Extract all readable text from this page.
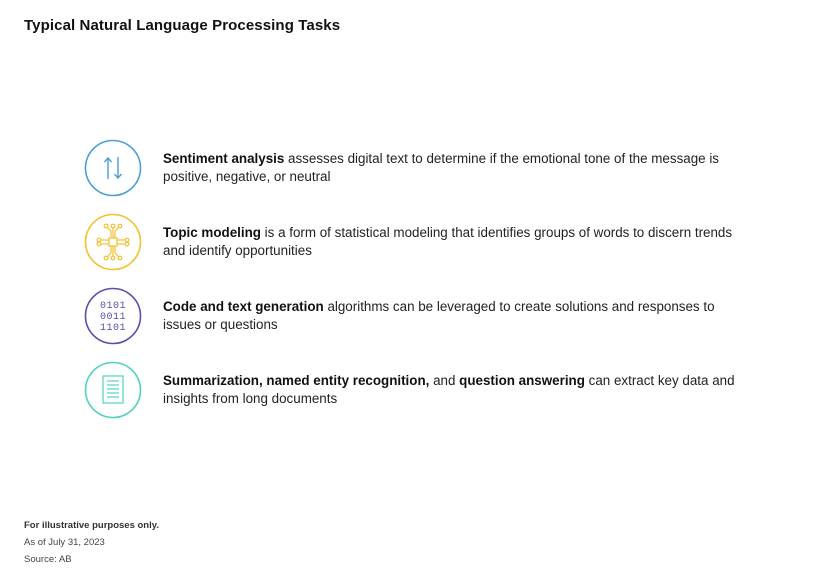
Typical Natural Language Processing Tasks
Sentiment analysis assesses digital text to determine if the emotional tone of the message is positive, negative, or neutral
Topic modeling is a form of statistical modeling that identifies groups of words to discern trends and identify opportunities
0101
0011
1101
Code and text generation algorithms can be leveraged to create solutions and responses to issues or questions
Summarization, named entity recognition, and question answering can extract key data and insights from long documents
For illustrative purposes only.
As of July 31, 2023
Source: AB
